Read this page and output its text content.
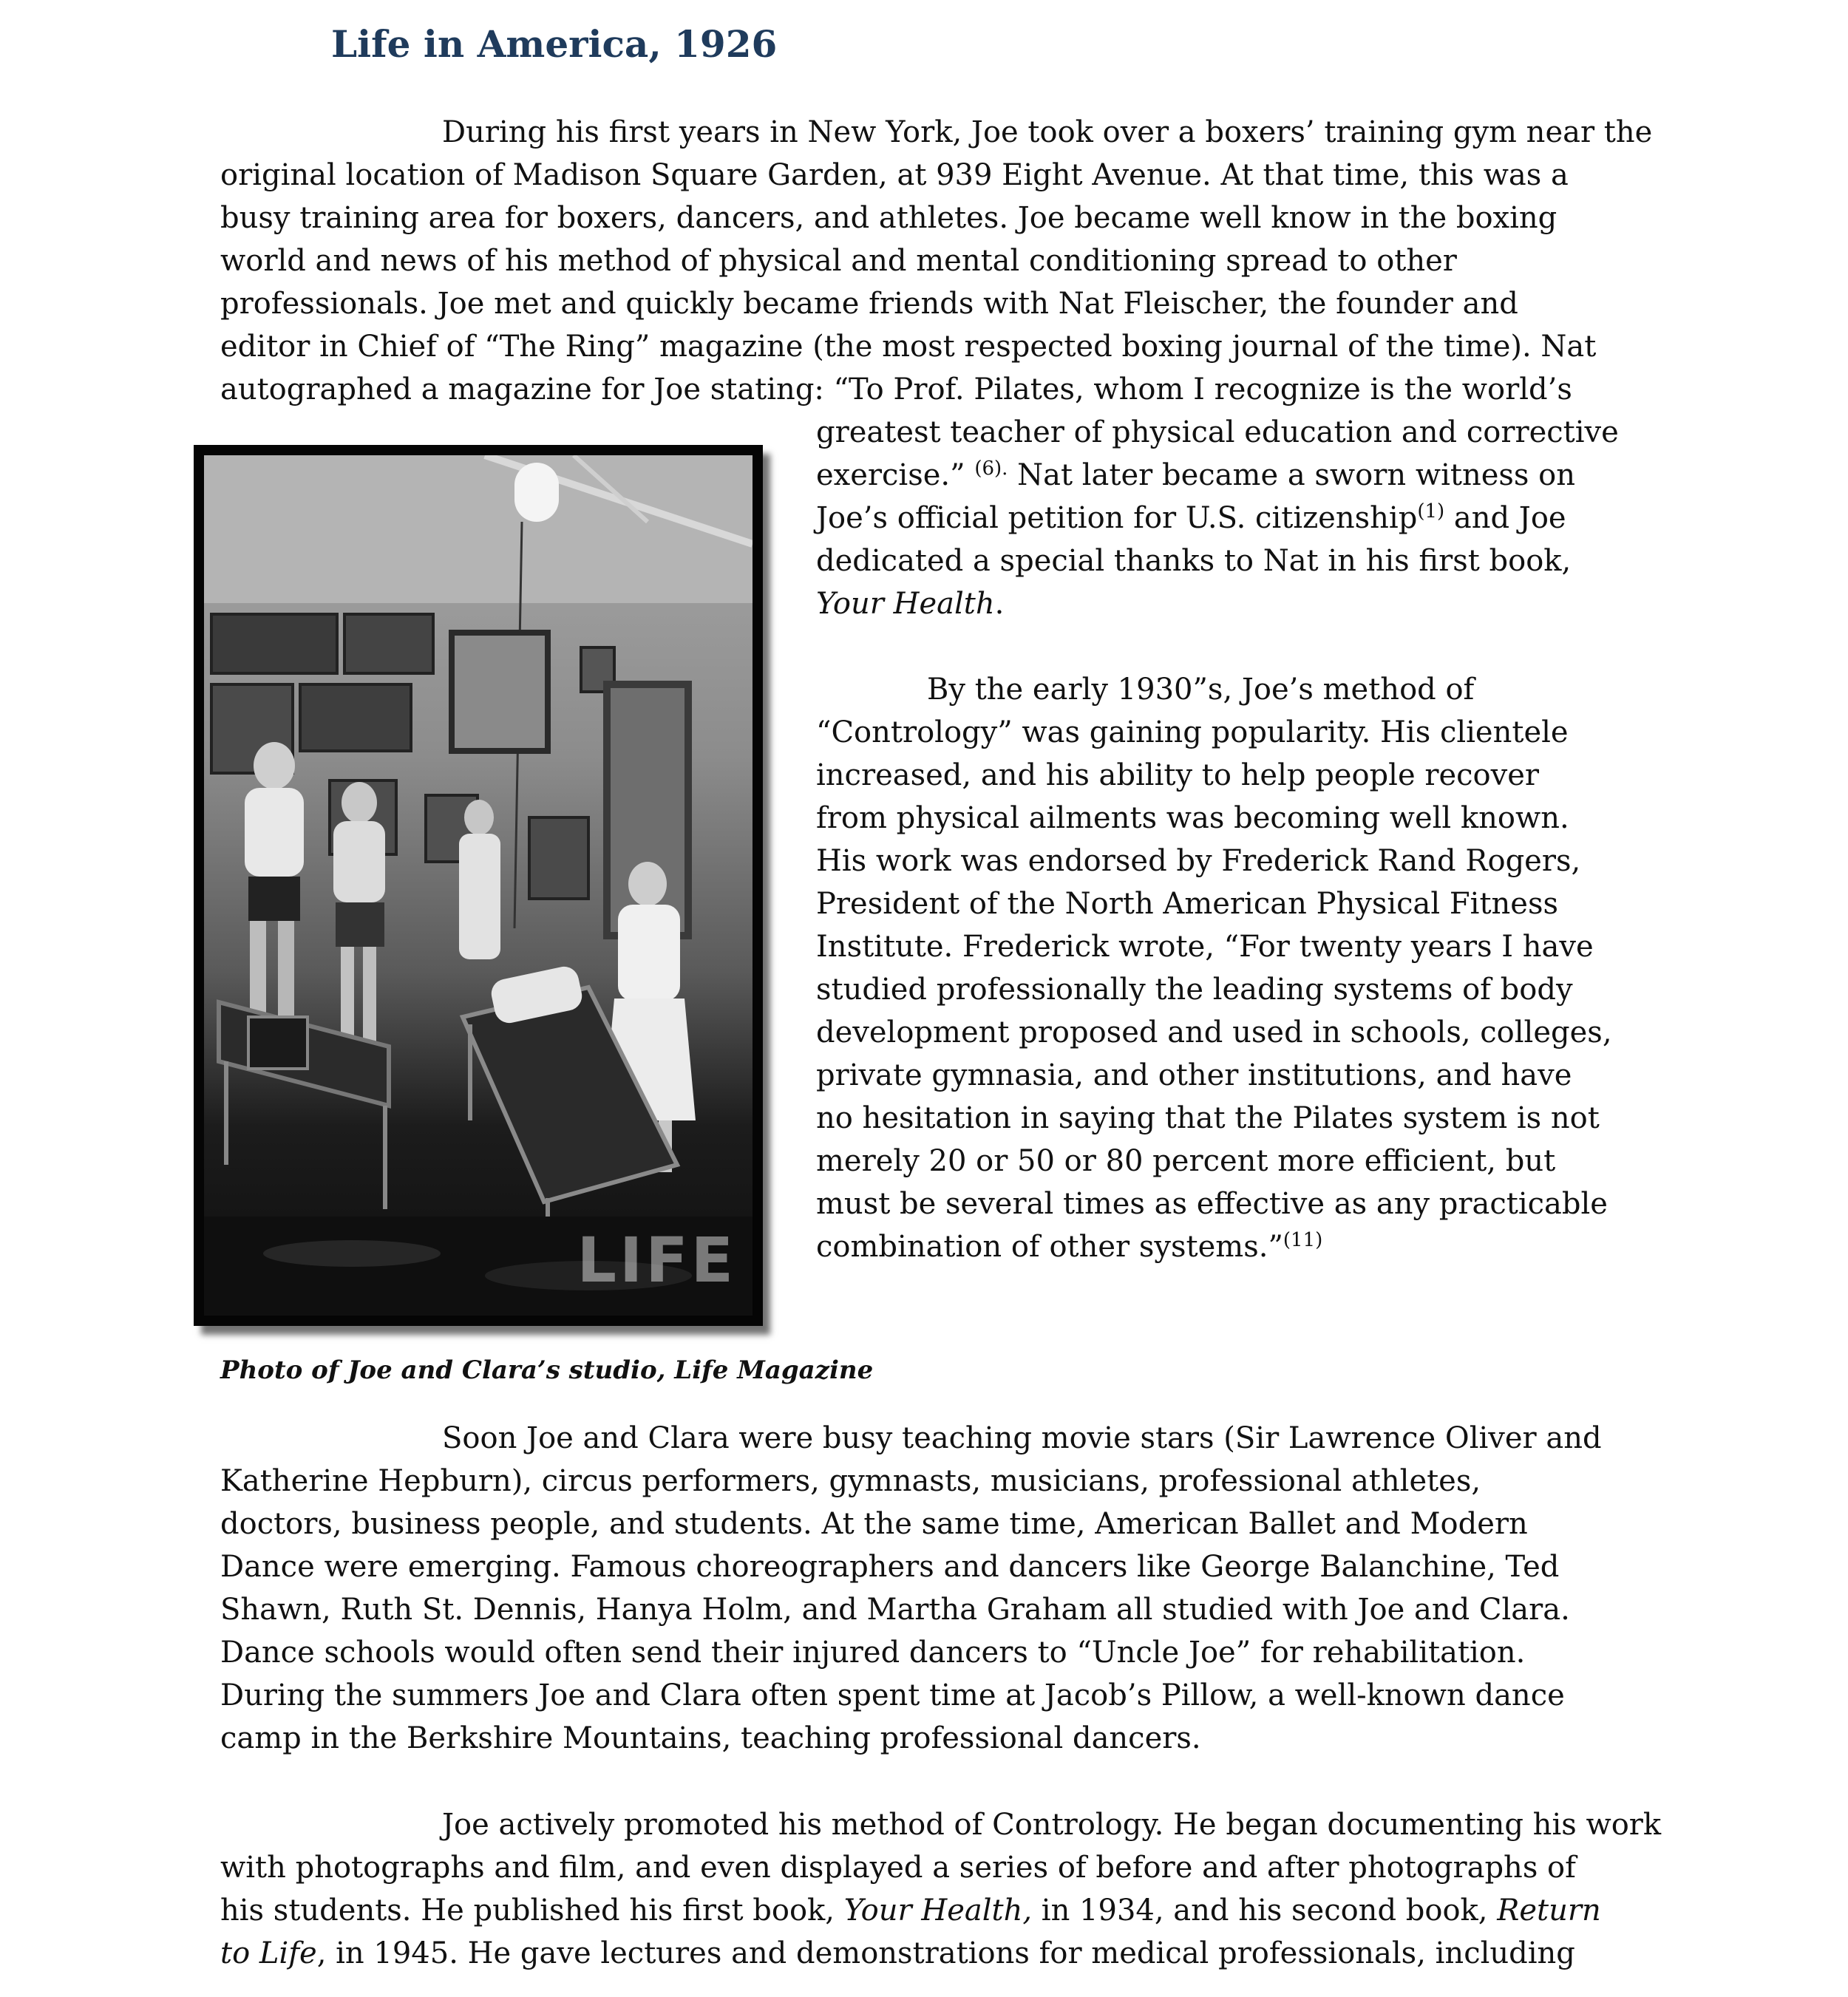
Life in America, 1926

During his first years in New York, Joe took over a boxers’ training gym near the
original location of Madison Square Garden, at 939 Eight Avenue. At that time, this was a
busy training area for boxers, dancers, and athletes. Joe became well know in the boxing
world and news of his method of physical and mental conditioning spread to other
professionals. Joe met and quickly became friends with Nat Fleischer, the founder and
editor in Chief of “The Ring” magazine (the most respected boxing journal of the time). Nat
autographed a magazine for Joe stating: “To Prof. Pilates, whom I recognize is the world’s

greatest teacher of physical education and corrective
exercise.” $^{(6).}$ Nat later became a sworn witness on
Joe’s official petition for U.S. citizenship$^{(1)}$ and Joe
dedicated a special thanks to Nat in his first book,
Your Health.

By the early 1930”s, Joe’s method of
“Contrology” was gaining popularity. His clientele
increased, and his ability to help people recover
from physical ailments was becoming well known.
His work was endorsed by Frederick Rand Rogers,
President of the North American Physical Fitness
Institute. Frederick wrote, “For twenty years I have
studied professionally the leading systems of body
development proposed and used in schools, colleges,
private gymnasia, and other institutions, and have
no hesitation in saying that the Pilates system is not
merely 20 or 50 or 80 percent more efficient, but
must be several times as effective as any practicable
combination of other systems.”$^{(11)}$

LIFE

Photo of Joe and Clara’s studio, Life Magazine

Soon Joe and Clara were busy teaching movie stars (Sir Lawrence Oliver and
Katherine Hepburn), circus performers, gymnasts, musicians, professional athletes,
doctors, business people, and students. At the same time, American Ballet and Modern
Dance were emerging. Famous choreographers and dancers like George Balanchine, Ted
Shawn, Ruth St. Dennis, Hanya Holm, and Martha Graham all studied with Joe and Clara.
Dance schools would often send their injured dancers to “Uncle Joe” for rehabilitation.
During the summers Joe and Clara often spent time at Jacob’s Pillow, a well-known dance
camp in the Berkshire Mountains, teaching professional dancers.

Joe actively promoted his method of Contrology. He began documenting his work
with photographs and film, and even displayed a series of before and after photographs of
his students. He published his first book, Your Health, in 1934, and his second book, Return
to Life, in 1945. He gave lectures and demonstrations for medical professionals, including
